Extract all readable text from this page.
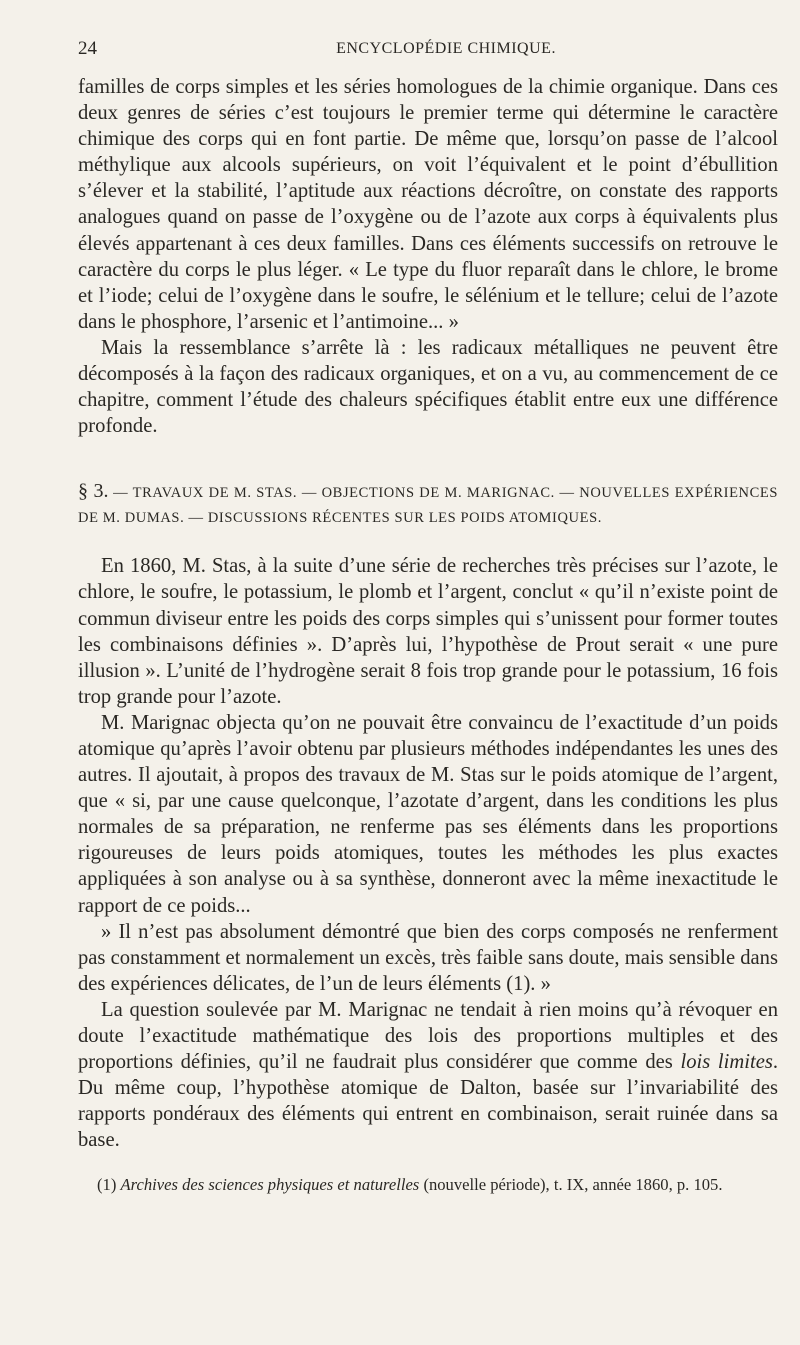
24	ENCYCLOPÉDIE CHIMIQUE.

familles de corps simples et les séries homologues de la chimie organique. Dans ces deux genres de séries c’est toujours le premier terme qui détermine le caractère chimique des corps qui en font partie. De même que, lorsqu’on passe de l’alcool méthylique aux alcools supérieurs, on voit l’équivalent et le point d’ébullition s’élever et la stabilité, l’aptitude aux réactions décroître, on constate des rapports analogues quand on passe de l’oxygène ou de l’azote aux corps à équivalents plus élevés appartenant à ces deux familles. Dans ces éléments successifs on retrouve le caractère du corps le plus léger. « Le type du fluor reparaît dans le chlore, le brome et l’iode; celui de l’oxygène dans le soufre, le sélénium et le tellure; celui de l’azote dans le phosphore, l’arsenic et l’antimoine... »

Mais la ressemblance s’arrête là : les radicaux métalliques ne peuvent être décomposés à la façon des radicaux organiques, et on a vu, au commencement de ce chapitre, comment l’étude des chaleurs spécifiques établit entre eux une différence profonde.

§ 3. — TRAVAUX DE M. STAS. — OBJECTIONS DE M. MARIGNAC. — NOUVELLES EXPÉRIENCES DE M. DUMAS. — DISCUSSIONS RÉCENTES SUR LES POIDS ATOMIQUES.

En 1860, M. Stas, à la suite d’une série de recherches très précises sur l’azote, le chlore, le soufre, le potassium, le plomb et l’argent, conclut « qu’il n’existe point de commun diviseur entre les poids des corps simples qui s’unissent pour former toutes les combinaisons définies ». D’après lui, l’hypothèse de Prout serait « une pure illusion ». L’unité de l’hydrogène serait 8 fois trop grande pour le potassium, 16 fois trop grande pour l’azote.

M. Marignac objecta qu’on ne pouvait être convaincu de l’exactitude d’un poids atomique qu’après l’avoir obtenu par plusieurs méthodes indépendantes les unes des autres. Il ajoutait, à propos des travaux de M. Stas sur le poids atomique de l’argent, que « si, par une cause quelconque, l’azotate d’argent, dans les conditions les plus normales de sa préparation, ne renferme pas ses éléments dans les proportions rigoureuses de leurs poids atomiques, toutes les méthodes les plus exactes appliquées à son analyse ou à sa synthèse, donneront avec la même inexactitude le rapport de ce poids...

» Il n’est pas absolument démontré que bien des corps composés ne renferment pas constamment et normalement un excès, très faible sans doute, mais sensible dans des expériences délicates, de l’un de leurs éléments (1). »

La question soulevée par M. Marignac ne tendait à rien moins qu’à révoquer en doute l’exactitude mathématique des lois des proportions multiples et des proportions définies, qu’il ne faudrait plus considérer que comme des lois limites. Du même coup, l’hypothèse atomique de Dalton, basée sur l’invariabilité des rapports pondéraux des éléments qui entrent en combinaison, serait ruinée dans sa base.

(1) Archives des sciences physiques et naturelles (nouvelle période), t. IX, année 1860, p. 105.
